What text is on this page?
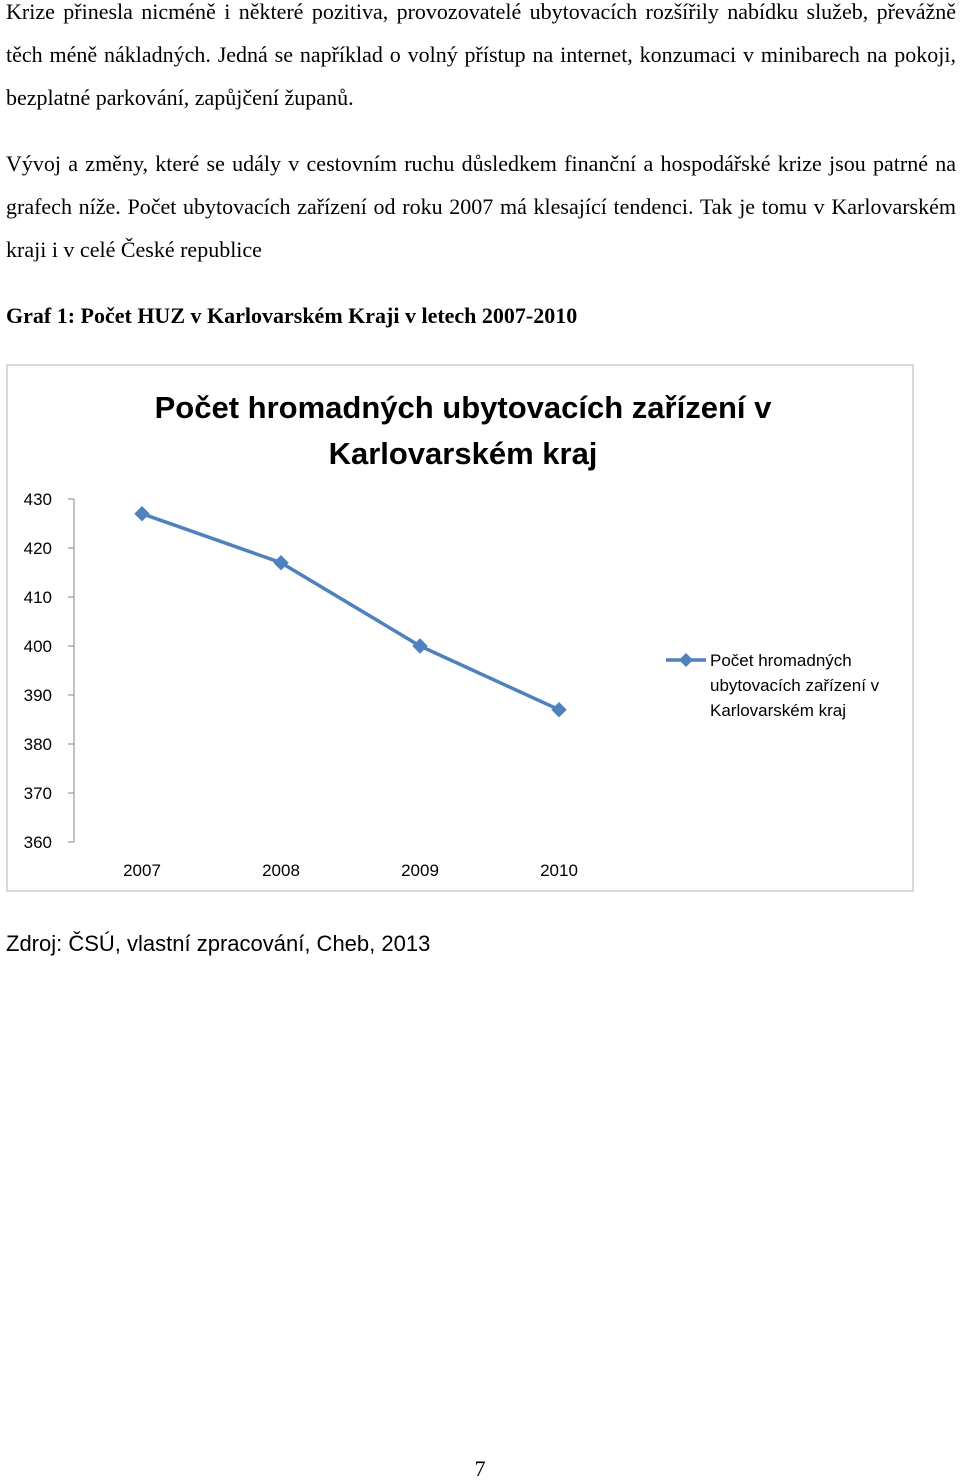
Krize přinesla nicméně i některé pozitiva, provozovatelé ubytovacích rozšířily nabídku služeb, převážně těch méně nákladných. Jedná se například o volný přístup na internet, konzumaci v minibarech na pokoji, bezplatné parkování, zapůjčení županů.

Vývoj a změny, které se udály v cestovním ruchu důsledkem finanční a hospodářské krize jsou patrné na grafech níže. Počet ubytovacích zařízení od roku 2007 má klesající tendenci. Tak je tomu v Karlovarském kraji i v celé České republice

Graf 1: Počet HUZ v Karlovarském Kraji v letech 2007-2010

Počet hromadných ubytovacích zařízení v
Karlovarském kraj
430
420
410
400
390
380
370
360
2007	2008	2009	2010
Počet hromadných
ubytovacích zařízení v
Karlovarském kraj

Zdroj: ČSÚ, vlastní zpracování, Cheb, 2013

7
